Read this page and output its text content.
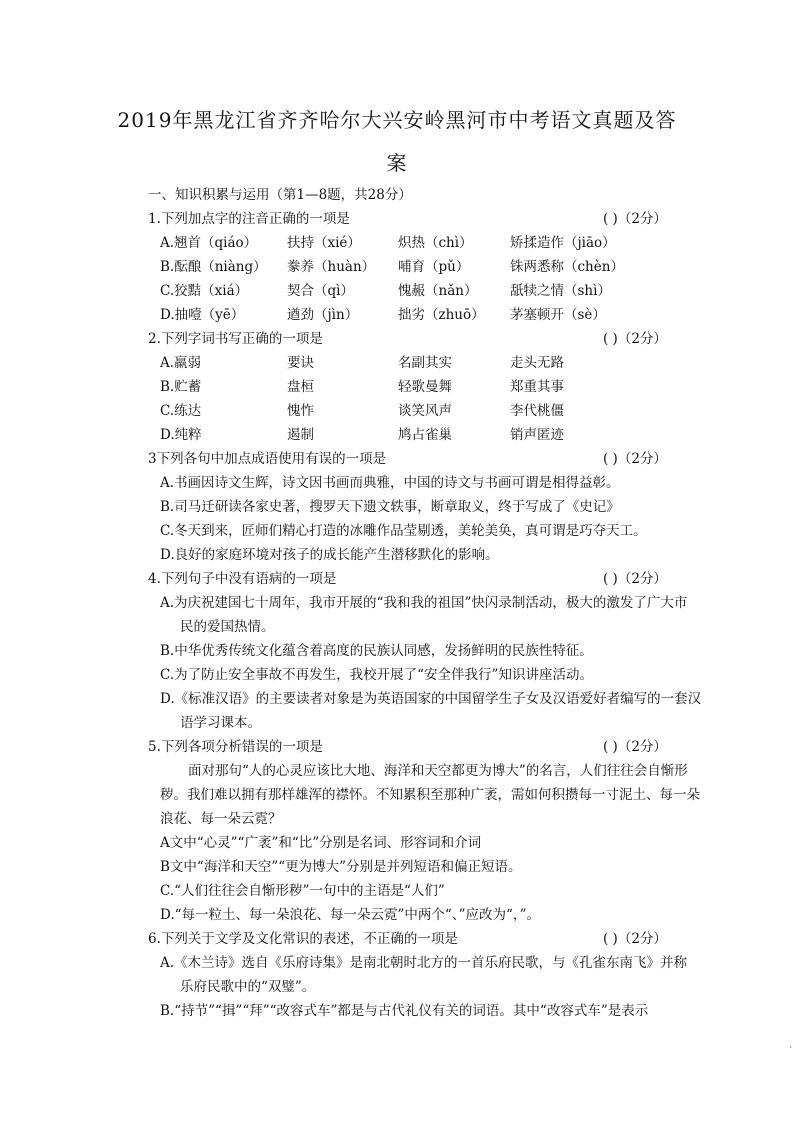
2019年黑龙江省齐齐哈尔大兴安岭黑河市中考语文真题及答
案
一、知识积累与运用（第1—8题，共28分）
1.下列加点字的注音正确的一项是	( )（2分）
A.翘首（qiáo） 扶持（xié）	炽热（chì）	矫揉造作（jiāo）
B.酝酿（niàng） 豢养（huàn） 哺育（pǔ）	铢两悉称（chèn）
C.狡黠（xiá）	契合（qì）	愧赧（nǎn） 舐犊之情（shì）
D.抽噎（yē）	遒劲（jìn）	拙劣（zhuō） 茅塞顿开（sè）
2.下列字词书写正确的一项是	( )（2分）
A.羸弱	要诀	名副其实	走头无路
B.贮蓄	盘桓	轻歌曼舞	郑重其事
C.练达	愧怍	谈笑风声	李代桃僵
D.纯粹	遏制	鸠占雀巢	销声匿迹
3下列各句中加点成语使用有误的一项是	( )（2分）
A.书画因诗文生辉，诗文因书画而典雅，中国的诗文与书画可谓是相得益彰。
B.司马迁研读各家史著，搜罗天下遗文轶事，断章取义，终于写成了《史记》
C.冬天到来，匠师们精心打造的冰雕作品莹剔透，美轮美奂，真可谓是巧夺天工。
D.良好的家庭环境对孩子的成长能产生潜移默化的影响。
4.下列句子中没有语病的一项是	( )（2分）
A.为庆祝建国七十周年，我市开展的“我和我的祖国”快闪录制活动，极大的激发了广大市
民的爱国热情。
B.中华优秀传统文化蕴含着高度的民族认同感，发扬鲜明的民族性特征。
C.为了防止安全事故不再发生，我校开展了“安全伴我行”知识讲座活动。
D.《标准汉语》的主要读者对象是为英语国家的中国留学生子女及汉语爱好者编写的一套汉
语学习课本。
5.下列各项分析错误的一项是	( )（2分）
面对那句“人的心灵应该比大地、海洋和天空都更为博大”的名言，人们往往会自惭形
秽。我们难以拥有那样雄浑的襟怀。不知累积至那种广袤，需如何积攒每一寸泥土、每一朵
浪花、每一朵云霓？
A文中“心灵”“广袤”和“比”分别是名词、形容词和介词
B文中“海洋和天空”“更为博大”分别是并列短语和偏正短语。
C.“人们往往会自惭形秽”一句中的主语是“人们”
D.“每一粒土、每一朵浪花、每一朵云霓”中两个“、”应改为“，”。
6.下列关于文学及文化常识的表述，不正确的一项是	( )（2分）
A.《木兰诗》选自《乐府诗集》是南北朝时北方的一首乐府民歌，与《孔雀东南飞》并称
乐府民歌中的“双璧”。
B.“持节”“揖”“拜”“改容式车”都是与古代礼仪有关的词语。其中“改容式车”是表示
·
